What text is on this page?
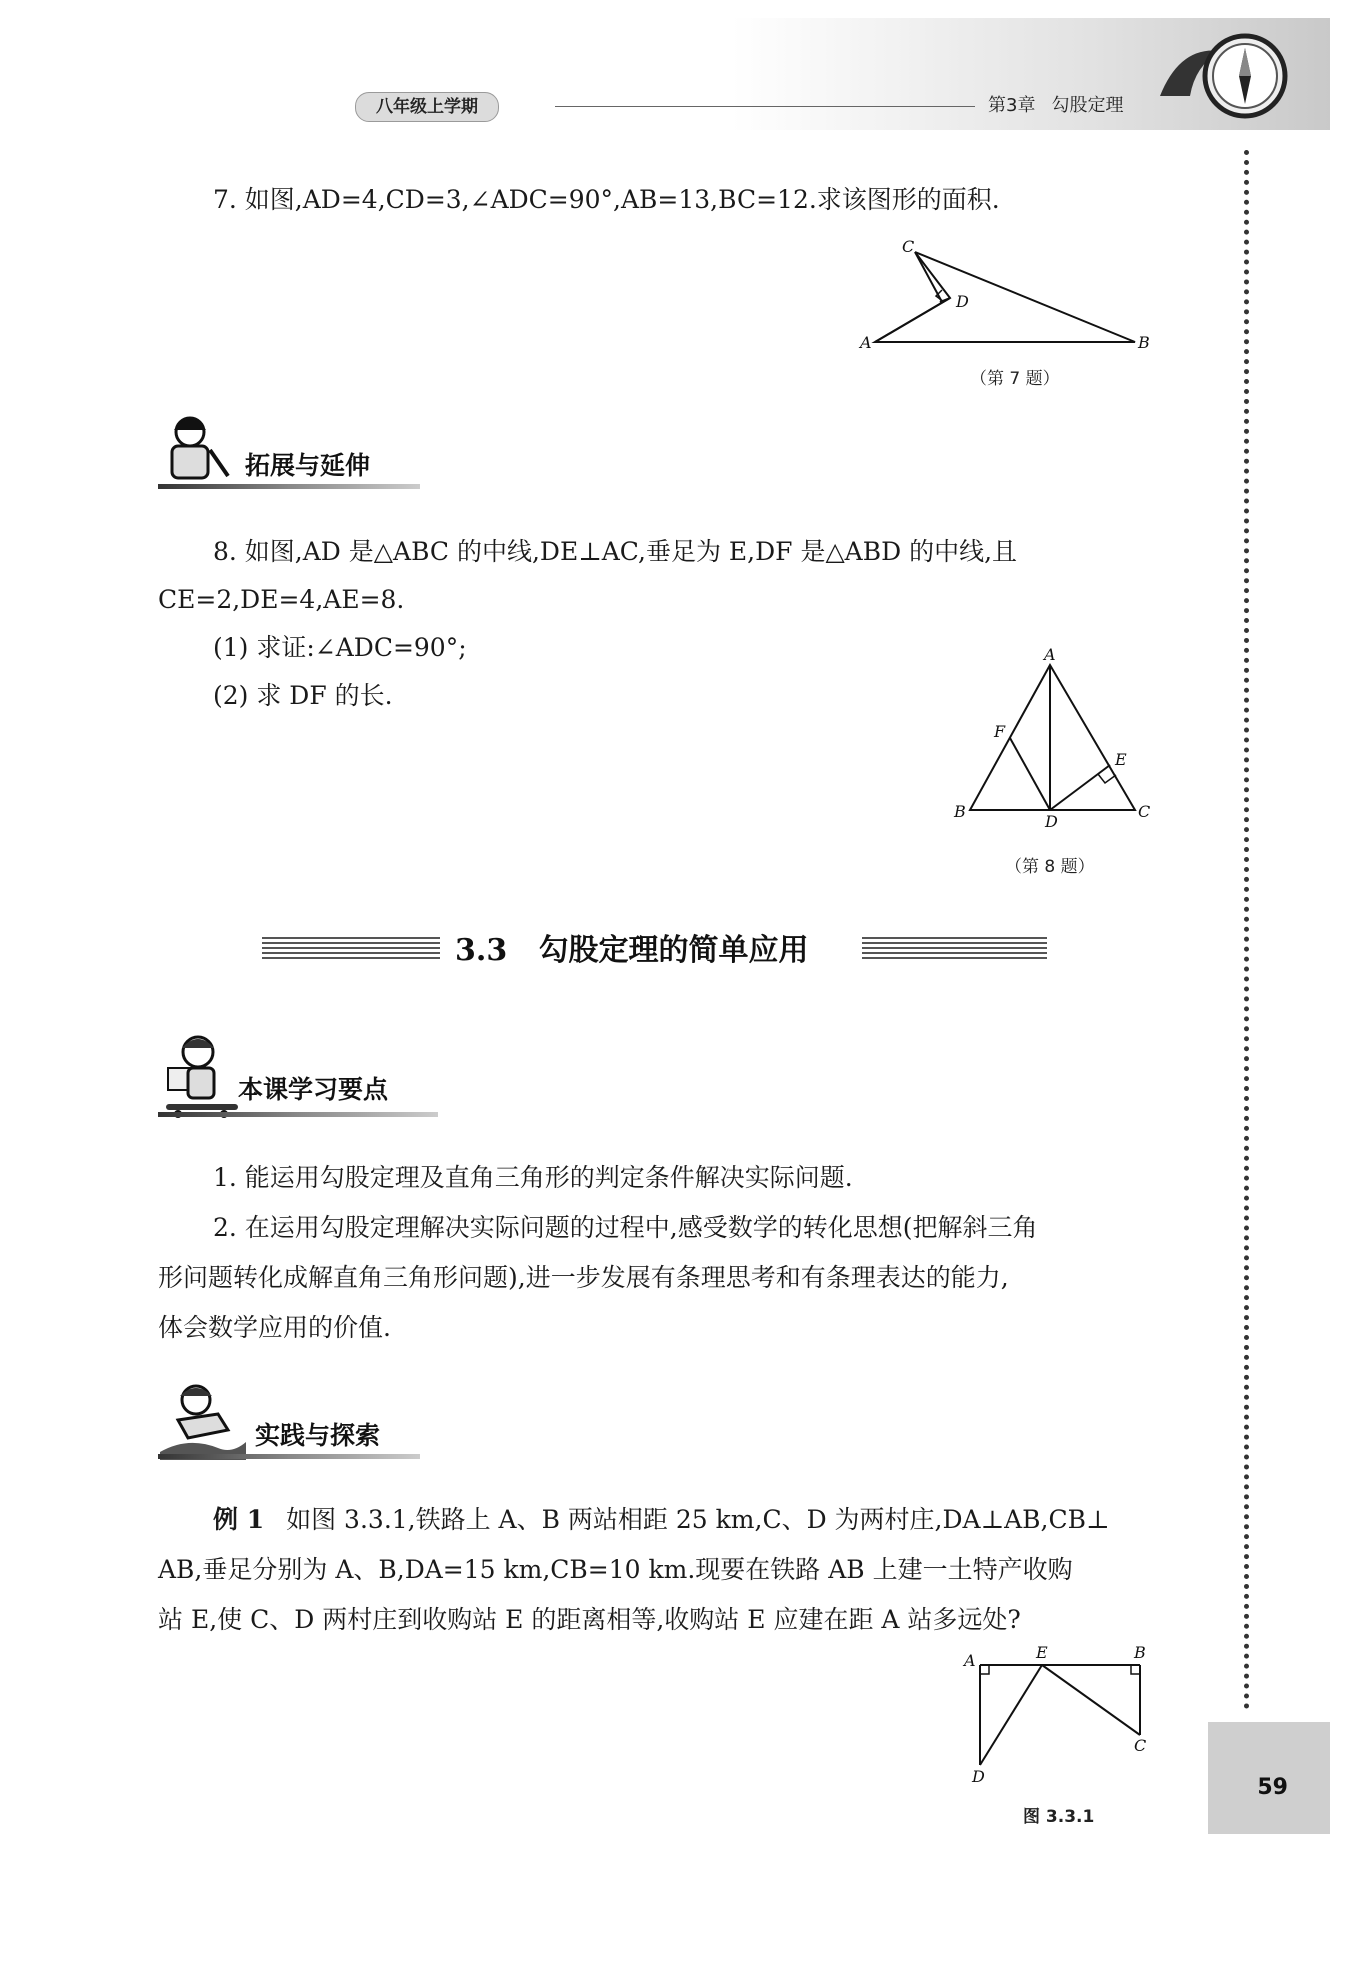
八年级上学期	第3章 勾股定理
59
7. 如图,AD=4,CD=3,∠ADC=90°,AB=13,BC=12.求该图形的面积.
C
D
A	B
（第 7 题）
拓展与延伸
8. 如图,AD 是△ABC 的中线,DE⊥AC,垂足为 E,DF 是△ABD 的中线,且
CE=2,DE=4,AE=8.
(1) 求证:∠ADC=90°;
(2) 求 DF 的长.
A
F
E
B
D
C
（第 8 题）
3.3 勾股定理的简单应用
本课学习要点
1. 能运用勾股定理及直角三角形的判定条件解决实际问题.
2. 在运用勾股定理解决实际问题的过程中,感受数学的转化思想(把解斜三角
形问题转化成解直角三角形问题),进一步发展有条理思考和有条理表达的能力,
体会数学应用的价值.
实践与探索
例 1 如图 3.3.1,铁路上 A、B 两站相距 25 km,C、D 为两村庄,DA⊥AB,CB⊥
AB,垂足分别为 A、B,DA=15 km,CB=10 km.现要在铁路 AB 上建一土特产收购
站 E,使 C、D 两村庄到收购站 E 的距离相等,收购站 E 应建在距 A 站多远处?
A	E	B
C
D
图 3.3.1
